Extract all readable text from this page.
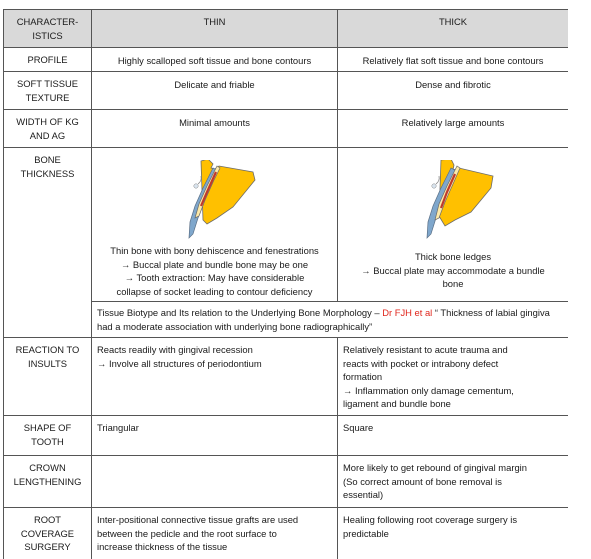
CHARACTER-
ISTICS	THIN	THICK

PROFILE	Highly scalloped soft tissue and bone contours	Relatively flat soft tissue and bone contours
SOFT TISSUE
TEXTURE	Delicate and friable	Dense and fibrotic
WIDTH OF KG
AND AG	Minimal amounts	Relatively large amounts
BONE
THICKNESS	Thin bone with bony dehiscence and fenestrations
→ Buccal plate and bundle bone may be one
→ Tooth extraction: May have considerable
collapse of socket leading to contour deficiency	Thick bone ledges
→ Buccal plate may accommodate a bundle
bone

	Tissue Biotype and Its relation to the Underlying Bone Morphology – Dr FJH et al “ Thickness of labial gingiva had a moderate association with underlying bone radiographically”	
REACTION TO
INSULTS	Reacts readily with gingival recession
→ Involve all structures of periodontium	Relatively resistant to acute trauma and
reacts with pocket or intrabony defect
formation
→ Inflammation only damage cementum,
ligament and bundle bone
SHAPE OF
TOOTH	Triangular	Square
CROWN
LENGTHENING		More likely to get rebound of gingival margin
(So correct amount of bone removal is
essential)
ROOT
COVERAGE
SURGERY	Inter-positional connective tissue grafts are used
between the pedicle and the root surface to
increase thickness of the tissue	Healing following root coverage surgery is
predictable
